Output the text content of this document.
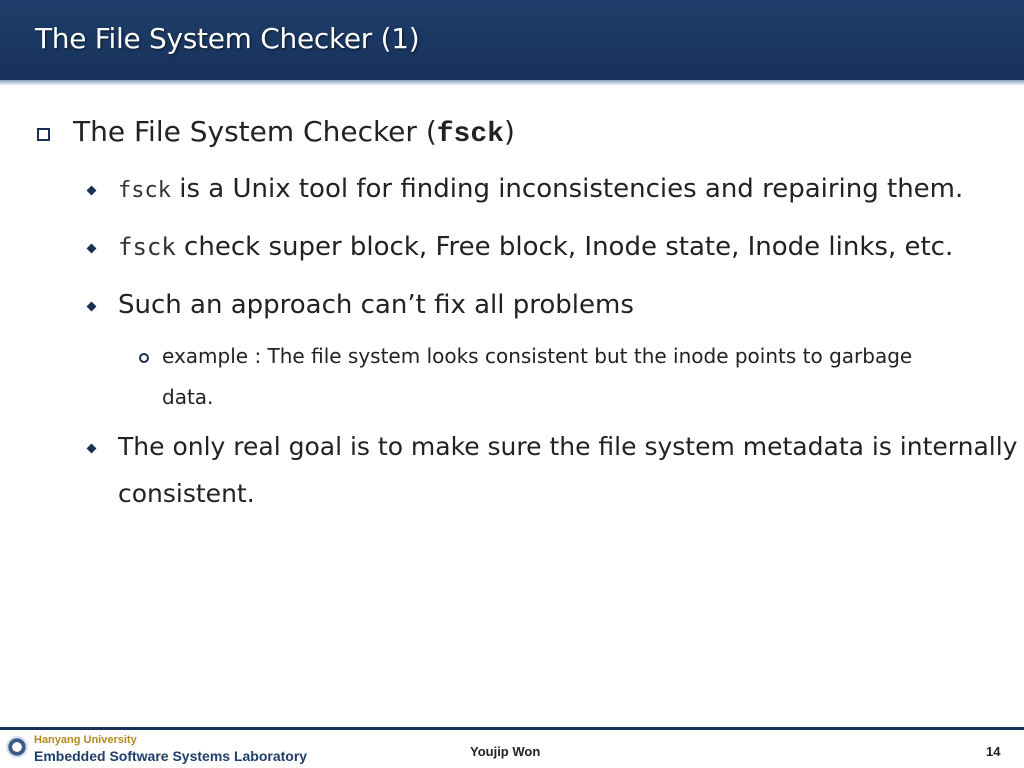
The File System Checker (1)
The File System Checker (fsck)
fsck is a Unix tool for finding inconsistencies and repairing them.
fsck check super block, Free block, Inode state, Inode links, etc.
Such an approach can’t fix all problems
example : The file system looks consistent but the inode points to garbage
data.
The only real goal is to make sure the file system metadata is internally
consistent.
Hanyang University
Embedded Software Systems Laboratory	Youjip Won	14
